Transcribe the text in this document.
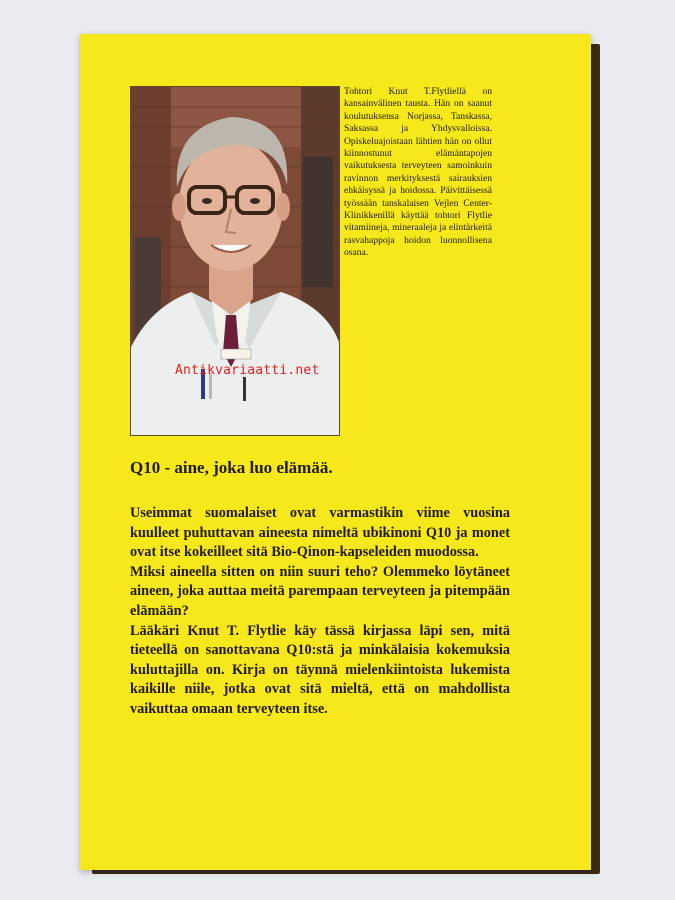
Tohtori Knut T.Flytliellä on kansainvälinen tausta. Hän on saanut koulutuksensa Norjassa, Tanskassa, Saksassa ja Yhdysvalloissa. Opiskeluajoistaan lähtien hän on ollut kiinnostunut elämäntapojen vaikutuksesta terveyteen samoinkuin ravinnon merkityksestä sairauksien ehkäisyssä ja hoidossa. Päivittäisessä työssään tanskalaisen Vejlen Center-Klinikkenillä käyttää tohtori Flytlie vitamiineja, mineraaleja ja elintärkeitä rasvahappoja hoidon luonnollisena osana.
Q10 - aine, joka luo elämää.

Useimmat suomalaiset ovat varmastikin viime vuosina kuulleet puhuttavan aineesta nimeltä ubikinoni Q10 ja monet ovat itse kokeilleet sitä Bio-Qinon-kapseleiden muodossa.

Miksi aineella sitten on niin suuri teho? Olemmeko löytäneet aineen, joka auttaa meitä parempaan terveyteen ja pitempään elämään?

Lääkäri Knut T. Flytlie käy tässä kirjassa läpi sen, mitä tieteellä on sanottavana Q10:stä ja minkälaisia kokemuksia kuluttajilla on. Kirja on täynnä mielenkiintoista lukemista kaikille niile, jotka ovat sitä mieltä, että on mahdollista vaikuttaa omaan terveyteen itse.

Antikvariaatti.net
